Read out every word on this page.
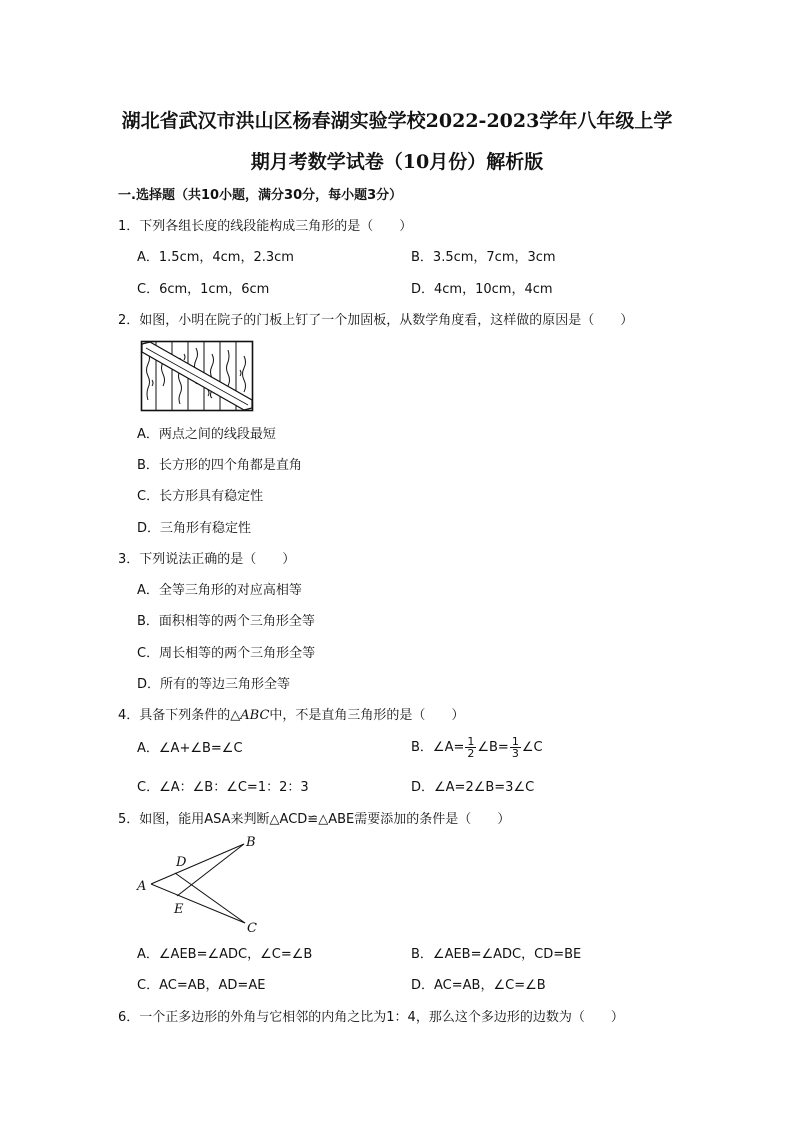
湖北省武汉市洪山区杨春湖实验学校2022-2023学年八年级上学
期月考数学试卷（10月份）解析版
一.选择题（共10小题，满分30分，每小题3分）
1．下列各组长度的线段能构成三角形的是（　　）
A．1.5cm，4cm，2.3cm	B．3.5cm，7cm，3cm
C．6cm，1cm，6cm	D．4cm，10cm，4cm
2．如图，小明在院子的门板上钉了一个加固板，从数学角度看，这样做的原因是（　　）
A．两点之间的线段最短
B．长方形的四个角都是直角
C．长方形具有稳定性
D．三角形有稳定性
3．下列说法正确的是（　　）
A．全等三角形的对应高相等
B．面积相等的两个三角形全等
C．周长相等的两个三角形全等
D．所有的等边三角形全等
4．具备下列条件的△ABC中，不是直角三角形的是（　　）
A．∠A+∠B=∠C	B．∠A= $\frac{1}{2}$ ∠B= $\frac{1}{3}$ ∠C
C．∠A：∠B：∠C=1：2：3	D．∠A=2∠B=3∠C
5．如图，能用ASA来判断△ACD≌△ABE需要添加的条件是（　　）
A
B
C
D
E
A．∠AEB=∠ADC，∠C=∠B	B．∠AEB=∠ADC，CD=BE
C．AC=AB，AD=AE	D．AC=AB，∠C=∠B
6．一个正多边形的外角与它相邻的内角之比为1：4，那么这个多边形的边数为（　　）
